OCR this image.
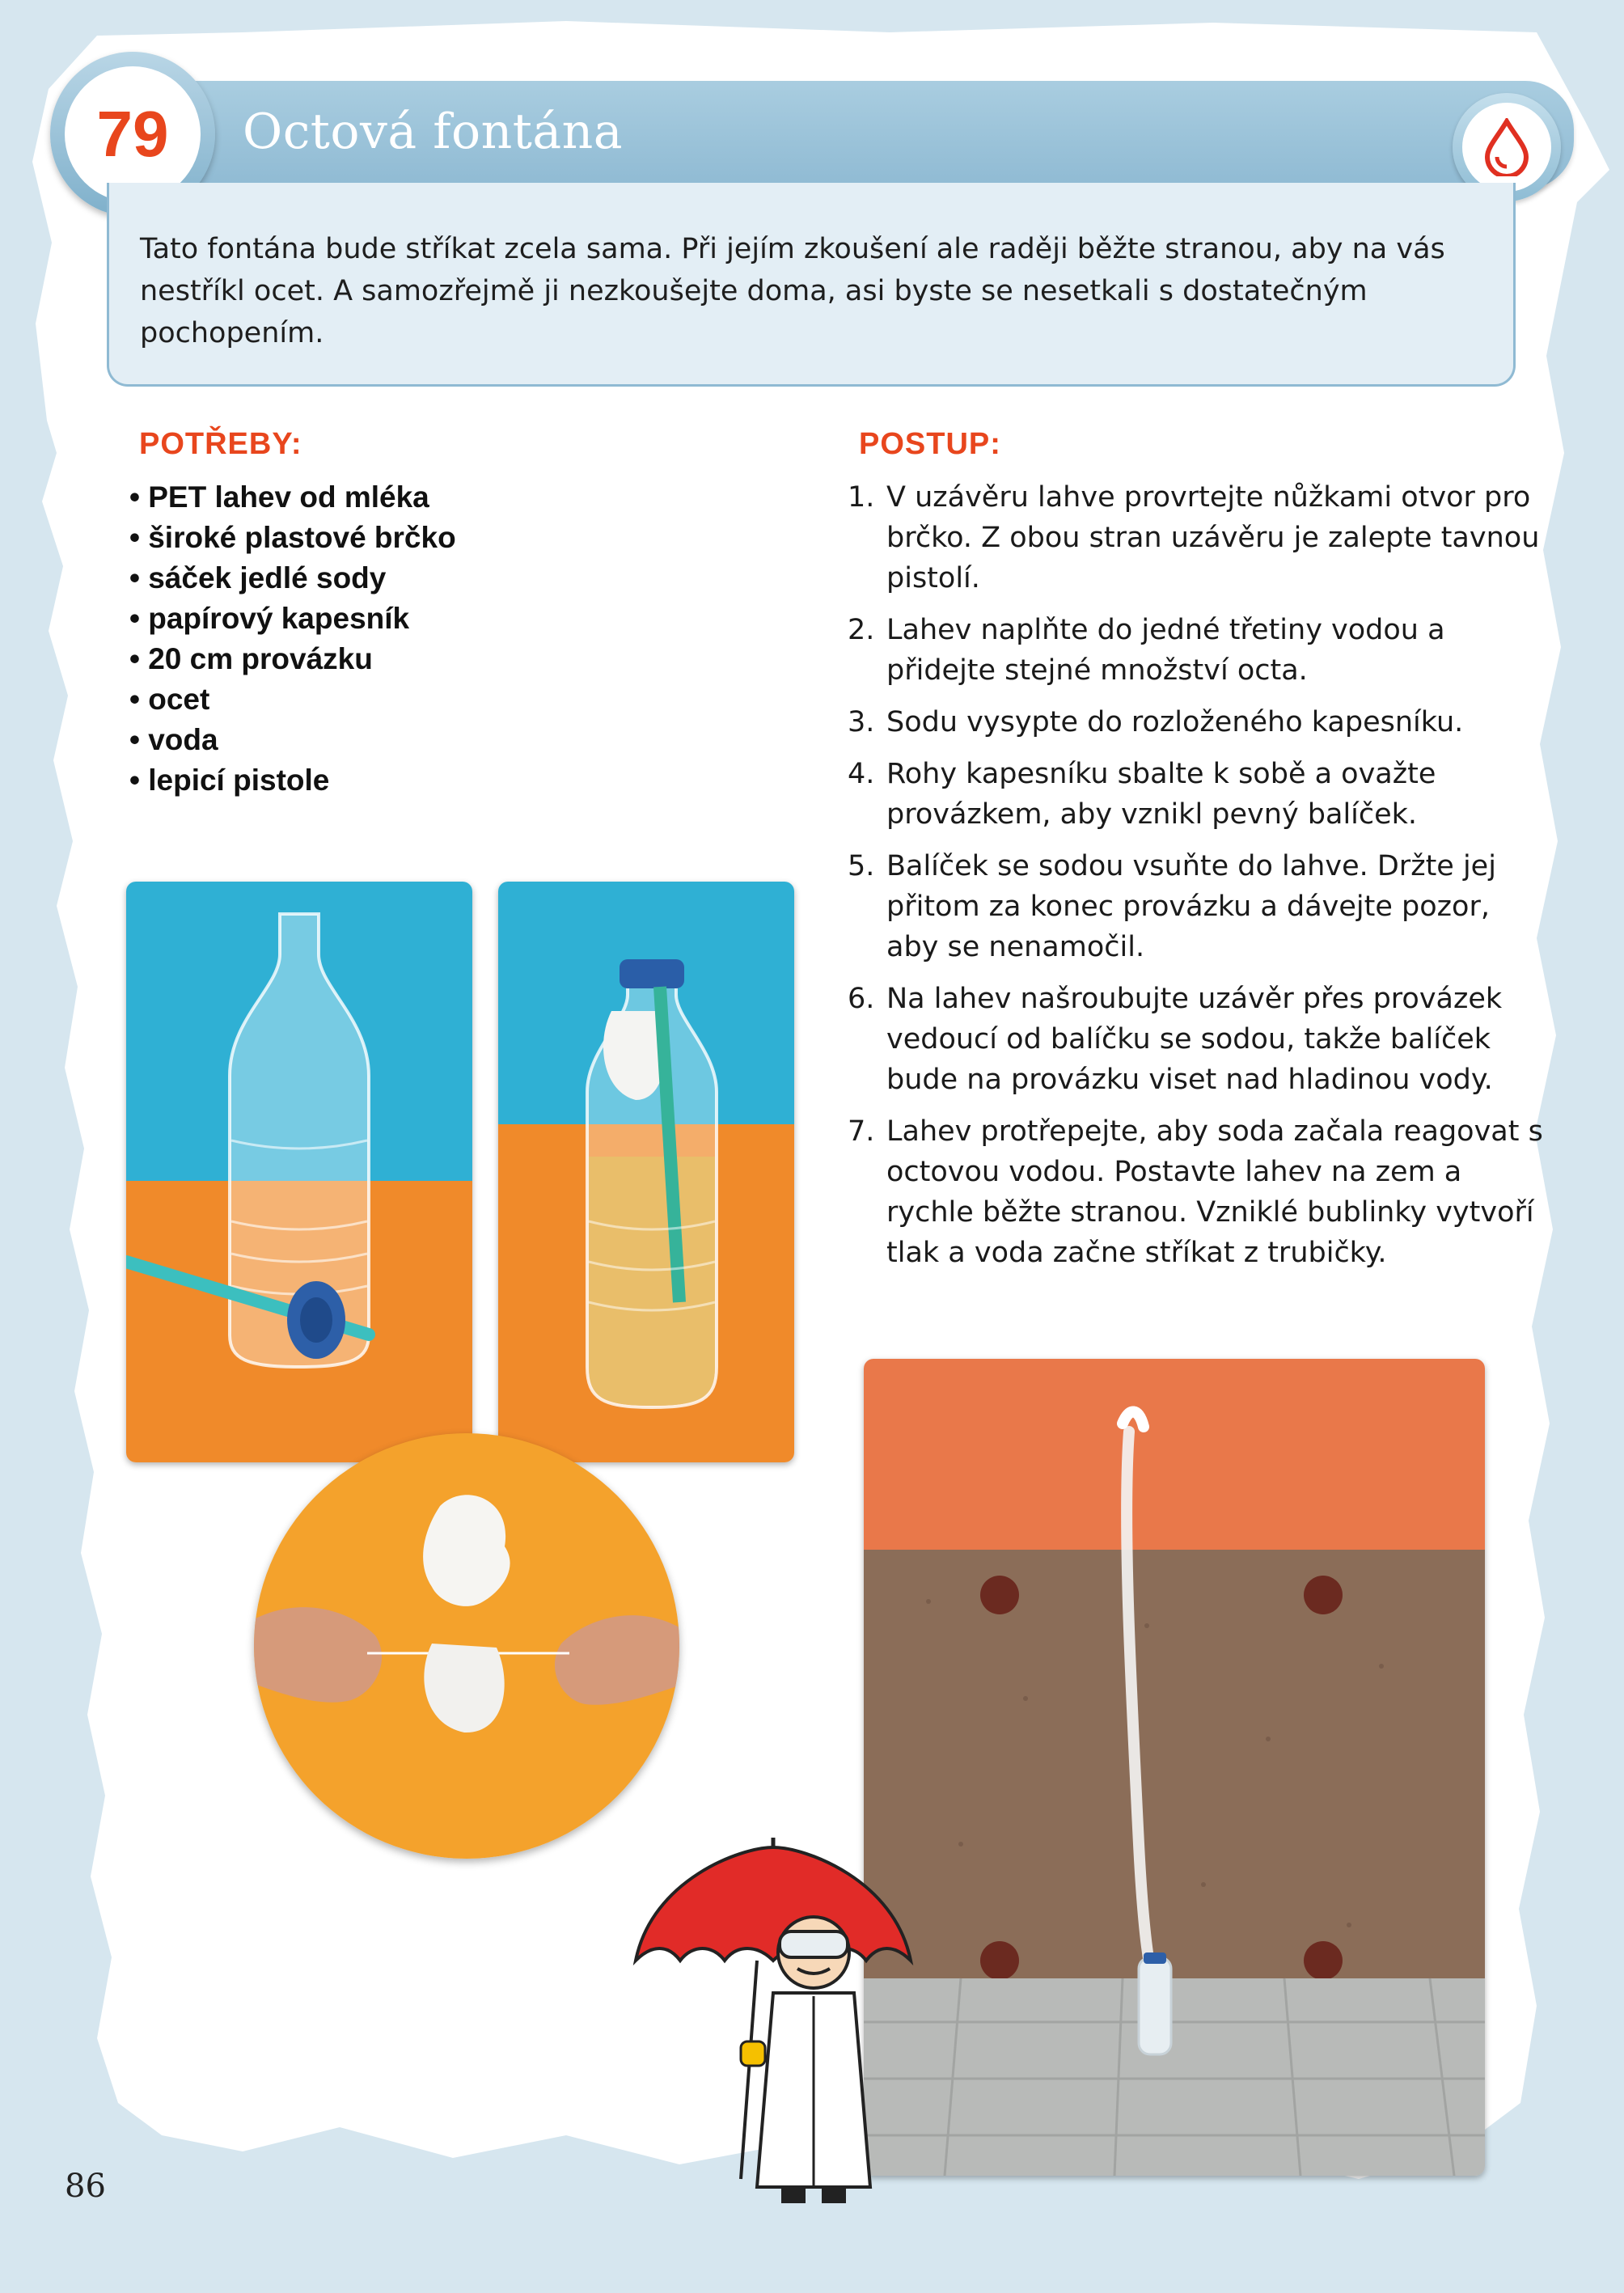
Octová fontána
79
Tato fontána bude stříkat zcela sama. Při jejím zkoušení ale raději běžte stranou, aby na vás nestříkl ocet. A samozřejmě ji nezkoušejte doma, asi byste se nesetkali s dostatečným pochopením.
POTŘEBY:
• PET lahev od mléka
• široké plastové brčko
• sáček jedlé sody
• papírový kapesník
• 20 cm provázku
• ocet
• voda
• lepicí pistole
POSTUP:
1. V uzávěru lahve provrtejte nůžkami otvor pro brčko. Z obou stran uzávěru je zalepte tavnou pistolí.
2. Lahev naplňte do jedné třetiny vodou a přidejte stejné množství octa.
3. Sodu vysypte do rozloženého kapesníku.
4. Rohy kapesníku sbalte k sobě a ovažte provázkem, aby vznikl pevný balíček.
5. Balíček se sodou vsuňte do lahve. Držte jej přitom za konec provázku a dávejte pozor, aby se nenamočil.
6. Na lahev našroubujte uzávěr přes provázek vedoucí od balíčku se sodou, takže balíček bude na provázku viset nad hladinou vody.
7. Lahev protřepejte, aby soda začala reagovat s octovou vodou. Postavte lahev na zem a rychle běžte stranou. Vzniklé bublinky vytvoří tlak a voda začne stříkat z trubičky.
86
